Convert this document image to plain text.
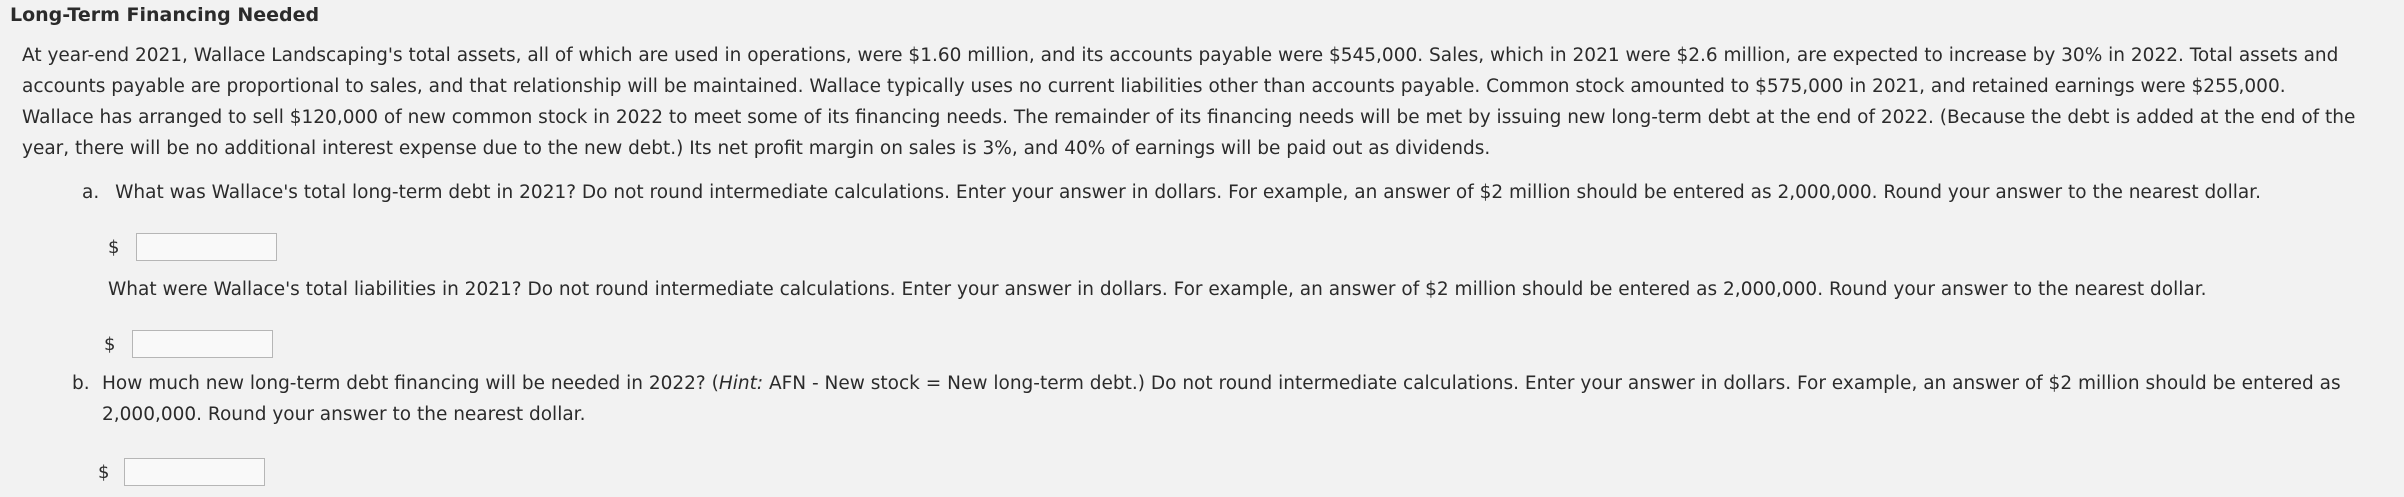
Long-Term Financing Needed

At year-end 2021, Wallace Landscaping's total assets, all of which are used in operations, were $1.60 million, and its accounts payable were $545,000. Sales, which in 2021 were $2.6 million, are expected to increase by 30% in 2022. Total assets and accounts payable are proportional to sales, and that relationship will be maintained. Wallace typically uses no current liabilities other than accounts payable. Common stock amounted to $575,000 in 2021, and retained earnings were $255,000. Wallace has arranged to sell $120,000 of new common stock in 2022 to meet some of its financing needs. The remainder of its financing needs will be met by issuing new long-term debt at the end of 2022. (Because the debt is added at the end of the year, there will be no additional interest expense due to the new debt.) Its net profit margin on sales is 3%, and 40% of earnings will be paid out as dividends.

a. What was Wallace's total long-term debt in 2021? Do not round intermediate calculations. Enter your answer in dollars. For example, an answer of $2 million should be entered as 2,000,000. Round your answer to the nearest dollar.
$
What were Wallace's total liabilities in 2021? Do not round intermediate calculations. Enter your answer in dollars. For example, an answer of $2 million should be entered as 2,000,000. Round your answer to the nearest dollar.
$
b. How much new long-term debt financing will be needed in 2022? (Hint: AFN - New stock = New long-term debt.) Do not round intermediate calculations. Enter your answer in dollars. For example, an answer of $2 million should be entered as 2,000,000. Round your answer to the nearest dollar.
$
